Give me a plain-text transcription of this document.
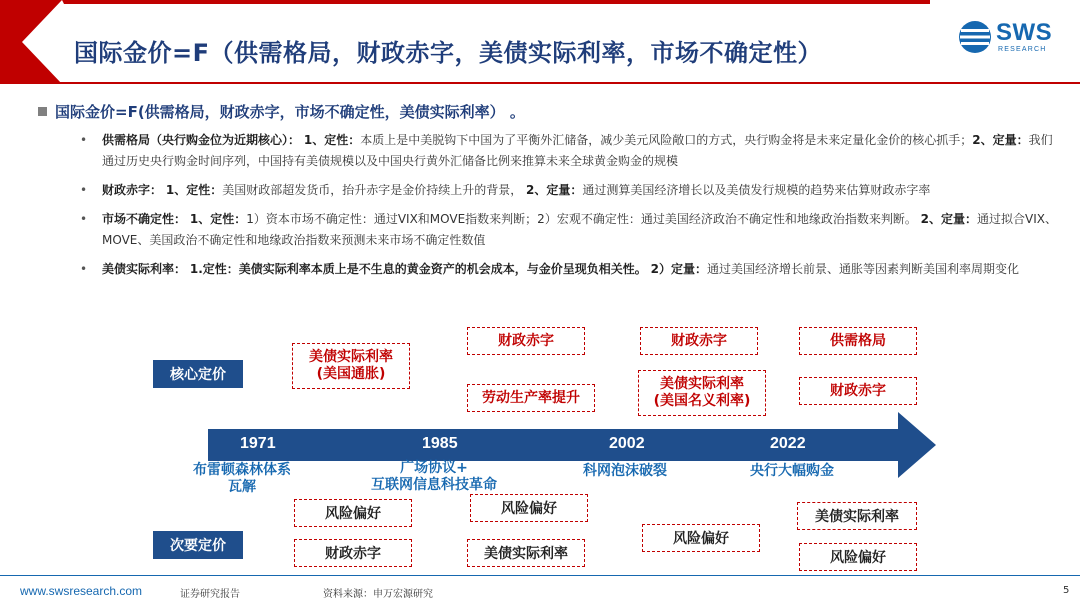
国际金价=F（供需格局，财政赤字，美债实际利率，市场不确定性）
SWS
RESEARCH
国际金价=F(供需格局，财政赤字，市场不确定性，美债实际利率） 。
• 供需格局（央行购金位为近期核心）： 1、定性：本质上是中美脱钩下中国为了平衡外汇储备，减少美元风险敞口的方式，央行购金将是未来定量化金价的核心抓手；2、定量：我们通过历史央行购金时间序列，中国持有美债规模以及中国央行黄外汇储备比例来推算未来全球黄金购金的规模
• 财政赤字： 1、定性：美国财政部超发货币，抬升赤字是金价持续上升的背景， 2、定量：通过测算美国经济增长以及美债发行规模的趋势来估算财政赤字率
• 市场不确定性： 1、定性：1）资本市场不确定性：通过VIX和MOVE指数来判断；2）宏观不确定性：通过美国经济政治不确定性和地缘政治指数来判断。 2、定量：通过拟合VIX、MOVE、美国政治不确定性和地缘政治指数来预测未来市场不确定性数值
• 美债实际利率： 1.定性：美债实际利率本质上是不生息的黄金资产的机会成本，与金价呈现负相关性。 2）定量：通过美国经济增长前景、通胀等因素判断美国利率周期变化
核心定价
次要定价
美债实际利率
(美国通胀)
财政赤字
劳动生产率提升
财政赤字
美债实际利率
(美国名义利率)
供需格局
财政赤字
1971	1985	2002	2022
布雷顿森林体系
瓦解
广场协议+
互联网信息科技革命
科网泡沫破裂	央行大幅购金
风险偏好
财政赤字
风险偏好
美债实际利率
风险偏好
美债实际利率
风险偏好
www.swsresearch.com	证券研究报告	资料来源：申万宏源研究	5
